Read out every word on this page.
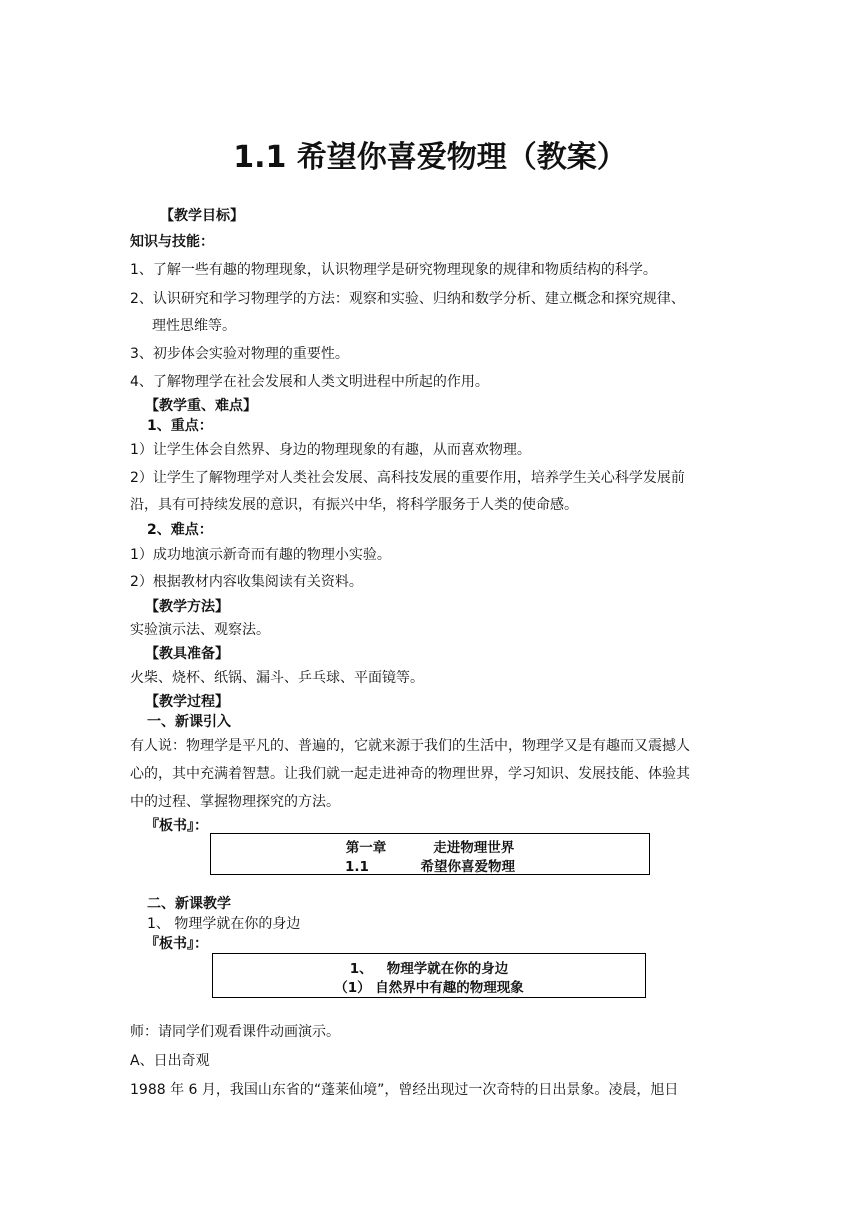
1.1 希望你喜爱物理（教案）
【教学目标】
知识与技能：
1、了解一些有趣的物理现象，认识物理学是研究物理现象的规律和物质结构的科学。
2、认识研究和学习物理学的方法：观察和实验、归纳和数学分析、建立概念和探究规律、
理性思维等。
3、初步体会实验对物理的重要性。
4、了解物理学在社会发展和人类文明进程中所起的作用。
【教学重、难点】
1、重点：
1）让学生体会自然界、身边的物理现象的有趣，从而喜欢物理。
2）让学生了解物理学对人类社会发展、高科技发展的重要作用，培养学生关心科学发展前
沿，具有可持续发展的意识，有振兴中华，将科学服务于人类的使命感。
2、难点：
1）成功地演示新奇而有趣的物理小实验。
2）根据教材内容收集阅读有关资料。
【教学方法】
实验演示法、观察法。
【教具准备】
火柴、烧杯、纸锅、漏斗、乒乓球、平面镜等。
【教学过程】
一、新课引入
有人说：物理学是平凡的、普遍的，它就来源于我们的生活中，物理学又是有趣而又震撼人
心的，其中充满着智慧。让我们就一起走进神奇的物理世界，学习知识、发展技能、体验其
中的过程、掌握物理探究的方法。
『板书』：
第一章          走进物理世界
1.1           希望你喜爱物理
二、新课教学
1、 物理学就在你的身边
『板书』：
1、   物理学就在你的身边
（1） 自然界中有趣的物理现象
师：请同学们观看课件动画演示。
A、日出奇观
1988 年 6 月，我国山东省的“蓬莱仙境”，曾经出现过一次奇特的日出景象。凌晨，旭日
